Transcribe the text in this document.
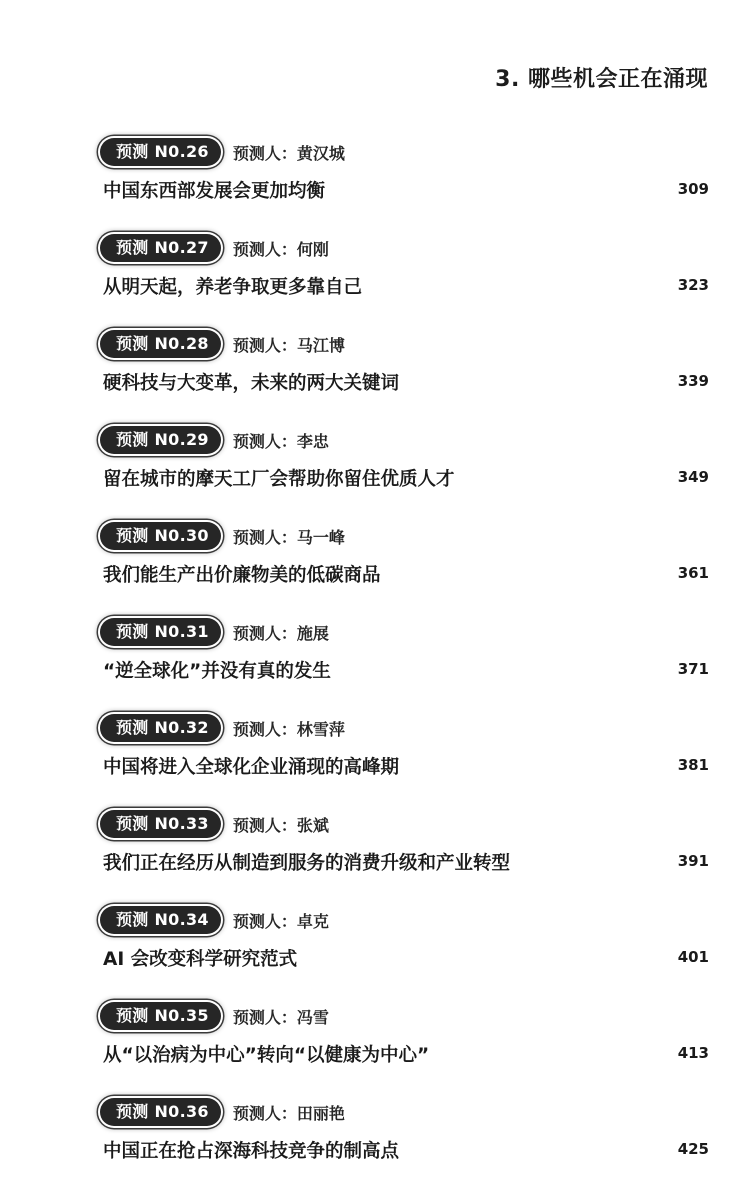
3. 哪些机会正在涌现
预测 N0.26	预测人：黄汉城
中国东西部发展会更加均衡	309
预测 N0.27	预测人：何刚
从明天起，养老争取更多靠自己	323
预测 N0.28	预测人：马江博
硬科技与大变革，未来的两大关键词	339
预测 N0.29	预测人：李忠
留在城市的摩天工厂会帮助你留住优质人才	349
预测 N0.30	预测人：马一峰
我们能生产出价廉物美的低碳商品	361
预测 N0.31	预测人：施展
“逆全球化”并没有真的发生	371
预测 N0.32	预测人：林雪萍
中国将进入全球化企业涌现的高峰期	381
预测 N0.33	预测人：张斌
我们正在经历从制造到服务的消费升级和产业转型	391
预测 N0.34	预测人：卓克
AI 会改变科学研究范式	401
预测 N0.35	预测人：冯雪
从“以治病为中心”转向“以健康为中心”	413
预测 N0.36	预测人：田丽艳
中国正在抢占深海科技竞争的制高点	425
